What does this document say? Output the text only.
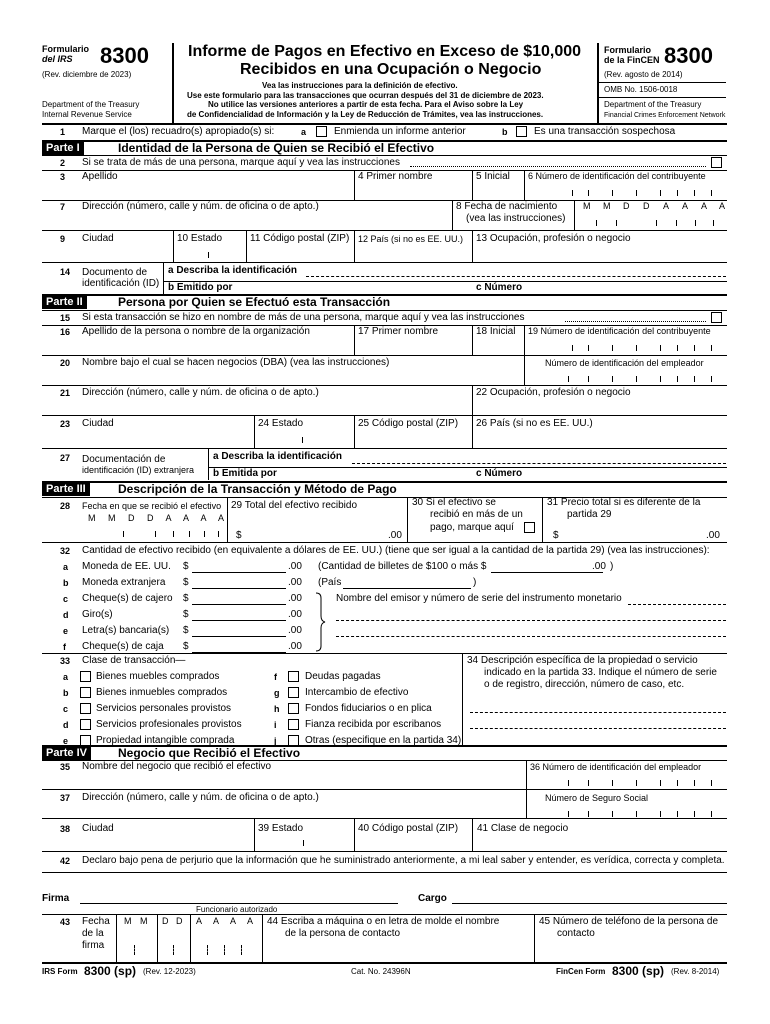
Formulario
del IRS 8300
(Rev. diciembre de 2023)
Department of the Treasury
Internal Revenue Service
Informe de Pagos en Efectivo en Exceso de $10,000
Recibidos en una Ocupación o Negocio
Vea las instrucciones para la definición de efectivo.
Use este formulario para las transacciones que ocurran después del 31 de diciembre de 2023.
No utilice las versiones anteriores a partir de esta fecha. Para el Aviso sobre la Ley
de Confidencialidad de Información y la Ley de Reducción de Trámites, vea las instrucciones.
Formulario
de la FinCEN 8300
(Rev. agosto de 2014)
OMB No. 1506-0018
Department of the Treasury
Financial Crimes Enforcement Network
1 Marque el (los) recuadro(s) apropiado(s) si:	a	Enmienda un informe anterior	b	Es una transacción sospechosa
Parte I	Identidad de la Persona de Quien se Recibió el Efectivo
2 Si se trata de más de una persona, marque aquí y vea las instrucciones
3 Apellido	4 Primer nombre	5 Inicial 6 Número de identificación del contribuyente
7 Dirección (número, calle y núm. de oficina o de apto.)	8 Fecha de nacimiento
(vea las instrucciones)
M M D D A A A A
9 Ciudad	10 Estado	11 Código postal (ZIP) 12 País (si no es EE. UU.) 13 Ocupación, profesión o negocio
14 Documento de
identificación (ID)
a Describa la identificación
b Emitido por	c Número
Parte II	Persona por Quien se Efectuó esta Transacción
15 Si esta transacción se hizo en nombre de más de una persona, marque aquí y vea las instrucciones
16 Apellido de la persona o nombre de la organización	17 Primer nombre	18 Inicial 19 Número de identificación del contribuyente
20 Nombre bajo el cual se hacen negocios (DBA) (vea las instrucciones)	Número de identificación del empleador
21 Dirección (número, calle y núm. de oficina o de apto.)	22 Ocupación, profesión o negocio
23 Ciudad	24 Estado	25 Código postal (ZIP) 26 País (si no es EE. UU.)
27 Documentación de
identificación (ID) extranjera
a Describa la identificación
b Emitida por	c Número
Parte III	Descripción de la Transacción y Método de Pago
28 Fecha en que se recibió el efectivo
M M D D A A A A
29 Total del efectivo recibido
$	.00
30 Si el efectivo se
recibió en más de un
pago, marque aquí
31 Precio total si es diferente de la
partida 29
$	.00
32 Cantidad de efectivo recibido (en equivalente a dólares de EE. UU.) (tiene que ser igual a la cantidad de la partida 29) (vea las instrucciones):
a Moneda de EE. UU. $	.00 (Cantidad de billetes de $100 o más $	.00 )
b Moneda extranjera $	.00 (País	)
c Cheque(s) de cajero $	.00	Nombre del emisor y número de serie del instrumento monetario
d Giro(s)	$	.00
e Letra(s) bancaria(s) $	.00
f Cheque(s) de caja $	.00
33 Clase de transacción—
a	Bienes muebles comprados
b	Bienes inmuebles comprados
c	Servicios personales provistos
d	Servicios profesionales provistos
e	Propiedad intangible comprada
f	Deudas pagadas
g	Intercambio de efectivo
h	Fondos fiduciarios o en plica
i	Fianza recibida por escribanos
j	Otras (especifique en la partida 34)
34 Descripción específica de la propiedad o servicio
indicado en la partida 33. Indique el número de serie
o de registro, dirección, número de caso, etc.
Parte IV	Negocio que Recibió el Efectivo
35 Nombre del negocio que recibió el efectivo	36 Número de identificación del empleador
37 Dirección (número, calle y núm. de oficina o de apto.)	Número de Seguro Social
38 Ciudad	39 Estado	40 Código postal (ZIP) 41 Clase de negocio
42 Declaro bajo pena de perjurio que la información que he suministrado anteriormente, a mi leal saber y entender, es verídica, correcta y completa.
Firma
Funcionario autorizado
Cargo
43 Fecha
de la
firma
M M D D A A A A 44 Escriba a máquina o en letra de molde el nombre
de la persona de contacto
45 Número de teléfono de la persona de
contacto
IRS Form 8300 (sp) (Rev. 12-2023)	Cat. No. 24396N	FinCen Form 8300 (sp) (Rev. 8-2014)
